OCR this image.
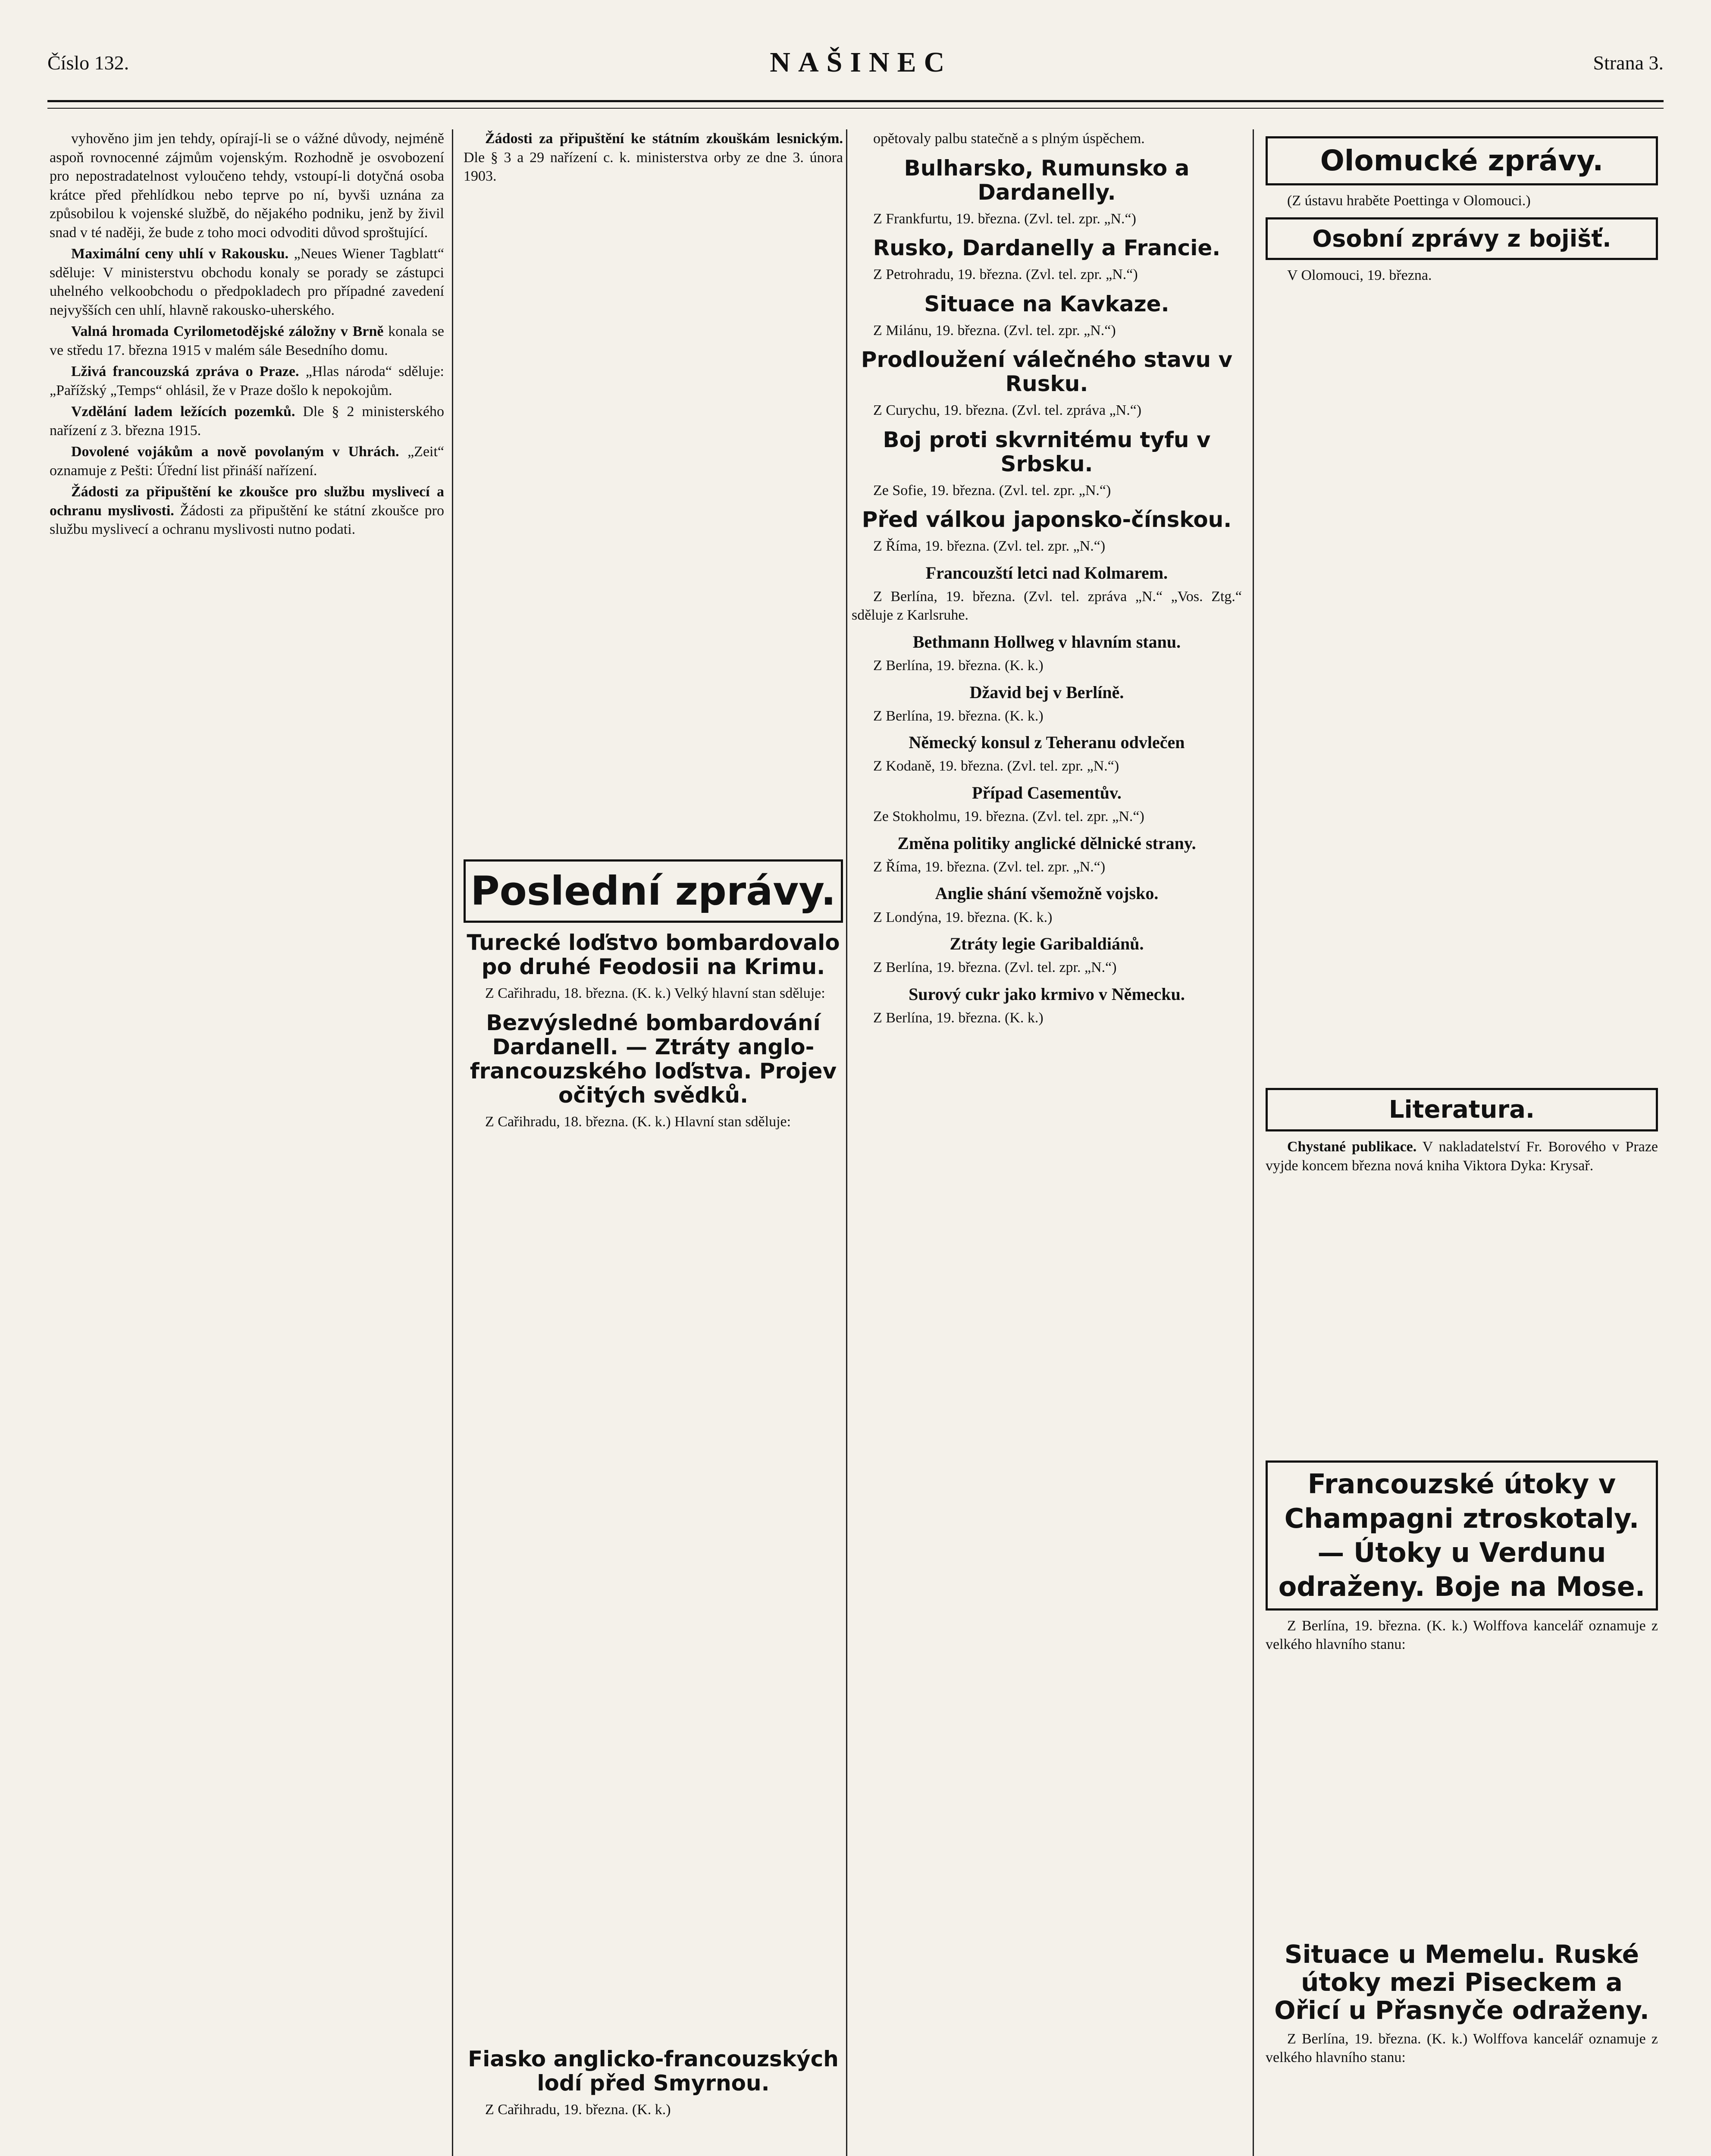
Číslo 132.	NAŠINEC	Strana 3.

vyhověno jim jen tehdy, opírají-li se o vážné důvody, nejméně aspoň rovnocenné zájmům vojenským. Rozhodně je osvobození pro nepostradatelnost vyloučeno tehdy, vstoupí-li dotyčná osoba krátce před přehlídkou nebo teprve po ní, byvši uznána za způsobilou k vojenské službě, do nějakého podniku, jenž by živil snad v té naději, že bude z toho moci odvoditi důvod sproštující.

Maximální ceny uhlí v Rakousku. „Neues Wiener Tagblatt“ sděluje: V ministerstvu obchodu konaly se porady se zástupci uhelného velkoobchodu o předpokladech pro případné zavedení nejvyšších cen uhlí, hlavně rakousko-uherského.

Valná hromada Cyrilometodějské záložny v Brně konala se ve středu 17. března 1915 v malém sále Besedního domu.

Lživá francouzská zpráva o Praze. „Hlas národa“ sděluje: „Pařížský „Temps“ ohlásil, že v Praze došlo k nepokojům.

Vzdělání ladem ležících pozemků. Dle § 2 ministerského nařízení z 3. března 1915.

Dovolené vojákům a nově povolaným v Uhrách. „Zeit“ oznamuje z Pešti: Úřední list přináší nařízení.

Žádosti za připuštění ke zkoušce pro službu myslivecí a ochranu myslivosti. Žádosti za připuštění ke státní zkoušce pro službu myslivecí a ochranu myslivosti nutno podati.

Žádosti za připuštění ke státním zkouškám lesnickým. Dle § 3 a 29 nařízení c. k. ministerstva orby ze dne 3. února 1903.

Poslední zprávy.
Turecké loďstvo bombardovalo po druhé Feodosii na Krimu.

Z Cařihradu, 18. března. (K. k.) Velký hlavní stan sděluje:

Bezvýsledné bombardování Dardanell. — Ztráty anglo-francouzského loďstva. Projev očitých svědků.

Z Cařihradu, 18. března. (K. k.) Hlavní stan sděluje:

Fiasko anglicko-francouzských lodí před Smyrnou.

Z Cařihradu, 19. března. (K. k.)

opětovaly palbu statečně a s plným úspěchem.

Bulharsko, Rumunsko a Dardanelly.

Z Frankfurtu, 19. března. (Zvl. tel. zpr. „N.“)

Rusko, Dardanelly a Francie.

Z Petrohradu, 19. března. (Zvl. tel. zpr. „N.“)

Situace na Kavkaze.

Z Milánu, 19. března. (Zvl. tel. zpr. „N.“)

Prodloužení válečného stavu v Rusku.

Z Curychu, 19. března. (Zvl. tel. zpráva „N.“)

Boj proti skvrnitému tyfu v Srbsku.

Ze Sofie, 19. března. (Zvl. tel. zpr. „N.“)

Před válkou japonsko-čínskou.

Z Říma, 19. března. (Zvl. tel. zpr. „N.“)

Francouzští letci nad Kolmarem.

Z Berlína, 19. března. (Zvl. tel. zpráva „N.“ „Vos. Ztg.“ sděluje z Karlsruhe.

Bethmann Hollweg v hlavním stanu.

Z Berlína, 19. března. (K. k.)

Džavid bej v Berlíně.

Z Berlína, 19. března. (K. k.)

Německý konsul z Teheranu odvlečen

Z Kodaně, 19. března. (Zvl. tel. zpr. „N.“)

Případ Casementův.

Ze Stokholmu, 19. března. (Zvl. tel. zpr. „N.“)

Změna politiky anglické dělnické strany.

Z Říma, 19. března. (Zvl. tel. zpr. „N.“)

Anglie shání všemožně vojsko.

Z Londýna, 19. března. (K. k.)

Ztráty legie Garibaldiánů.

Z Berlína, 19. března. (Zvl. tel. zpr. „N.“)

Surový cukr jako krmivo v Německu.

Z Berlína, 19. března. (K. k.)

Olomucké zprávy.

(Z ústavu hraběte Poettinga v Olomouci.)

Osobní zprávy z bojišť.

V Olomouci, 19. března.

Literatura.

Chystané publikace. V nakladatelství Fr. Borového v Praze vyjde koncem března nová kniha Viktora Dyka: Krysař.

Francouzské útoky v Champagni ztroskotaly. — Útoky u Verdunu odraženy. Boje na Mose.

Z Berlína, 19. března. (K. k.) Wolffova kancelář oznamuje z velkého hlavního stanu:

Situace u Memelu. Ruské útoky mezi Piseckem a Ořicí u Přasnyče odraženy.

Z Berlína, 19. března. (K. k.) Wolffova kancelář oznamuje z velkého hlavního stanu:
